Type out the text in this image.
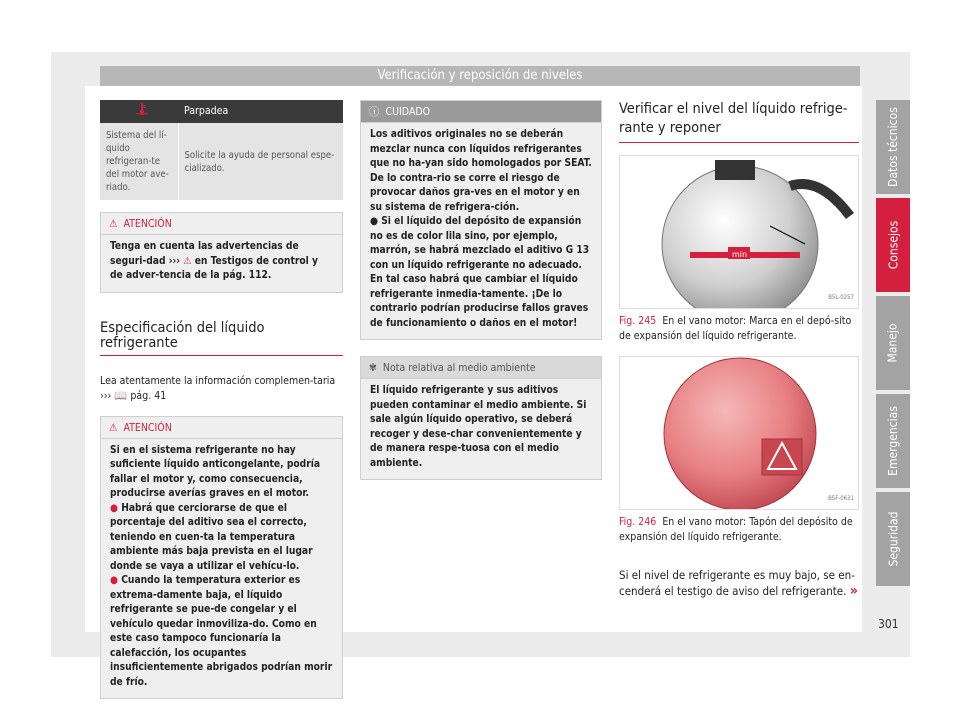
Verificación y reposición de niveles
Datos técnicos
Consejos
Manejo
Emergencias
Seguridad
	Parpadea
Sistema del lí-quido refrigeran-te del motor ave-riado.	Solicite la ayuda de personal espe-cializado.
⚠ ATENCIÓN
Tenga en cuenta las advertencias de seguri-dad ››› ⚠ en Testigos de control y de adver-tencia de la pág. 112.
Especificación del líquido refrigerante

Lea atentamente la información complemen-taria ››› 📖 pág. 41

⚠ ATENCIÓN
Si en el sistema refrigerante no hay suficiente líquido anticongelante, podría fallar el motor y, como consecuencia, producirse averías graves en el motor.
● Habrá que cerciorarse de que el porcentaje del aditivo sea el correcto, teniendo en cuen-ta la temperatura ambiente más baja prevista en el lugar donde se vaya a utilizar el vehícu-lo.
● Cuando la temperatura exterior es extrema-damente baja, el líquido refrigerante se pue-de congelar y el vehículo quedar inmoviliza-do. Como en este caso tampoco funcionaría la calefacción, los ocupantes insuficientemente abrigados podrían morir de frío.
ⓘ CUIDADO
Los aditivos originales no se deberán mezclar nunca con líquidos refrigerantes que no ha-yan sido homologados por SEAT. De lo contra-rio se corre el riesgo de provocar daños gra-ves en el motor y en su sistema de refrigera-ción.
● Si el líquido del depósito de expansión no es de color lila sino, por ejemplo, marrón, se habrá mezclado el aditivo G 13 con un líquido refrigerante no adecuado. En tal caso habrá que cambiar el líquido refrigerante inmedia-tamente. ¡De lo contrario podrían producirse fallos graves de funcionamiento o daños en el motor!
✾ Nota relativa al medio ambiente
El líquido refrigerante y sus aditivos pueden contaminar el medio ambiente. Si sale algún líquido operativo, se deberá recoger y dese-char convenientemente y de manera respe-tuosa con el medio ambiente.
Verificar el nivel del líquido refrige-rante y reponer
min
B5L-0257
Fig. 245 En el vano motor: Marca en el depó-sito de expansión del líquido refrigerante.
B5F-0631
Fig. 246 En el vano motor: Tapón del depósito de expansión del líquido refrigerante.

Si el nivel de refrigerante es muy bajo, se en-cenderá el testigo de aviso del refrigerante. »

301
